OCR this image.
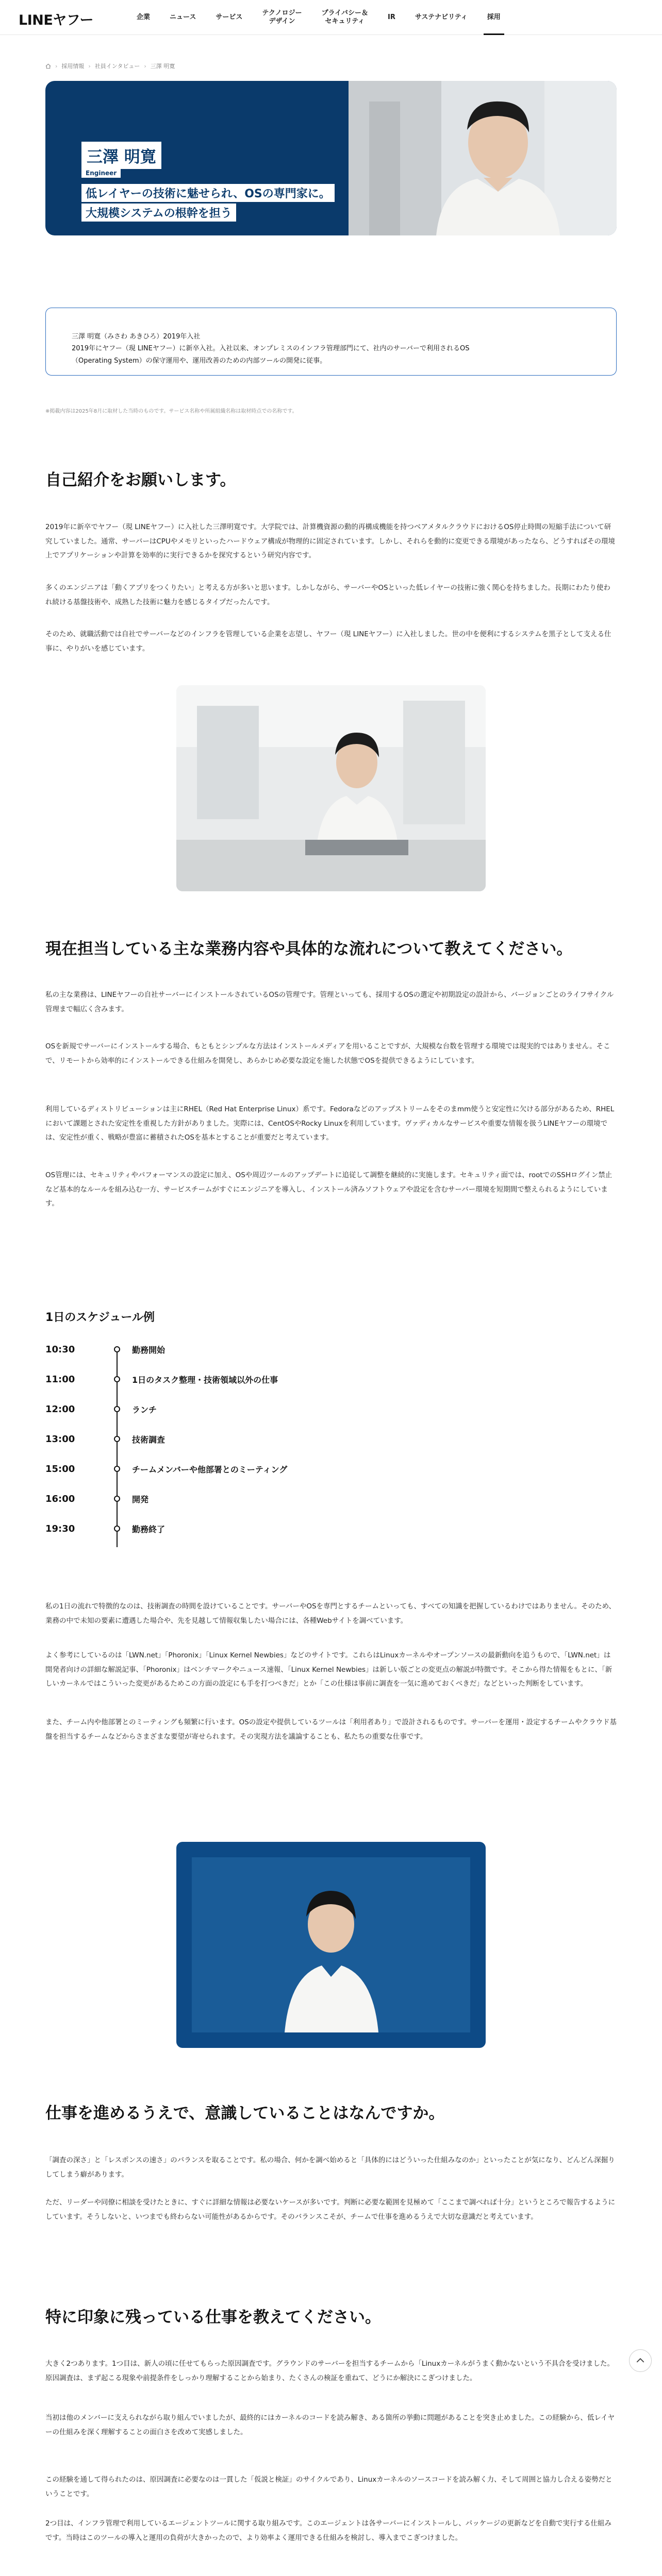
LINEヤフー	企業	ニュース	サービス
テクノロジー
デザイン
プライバシー＆
セキュリティ
IR	サステナビリティ	採用
› 採用情報 › 社員インタビュー › 三澤 明寛
三澤 明寛
Engineer
低レイヤーの技術に魅せられ、OSの専門家に。
大規模システムの根幹を担う

三澤 明寛（みさわ あきひろ）2019年入社

2019年にヤフー（現 LINEヤフー）に新卒入社。入社以来、オンプレミスのインフラ管理部門にて、社内のサーバーで利用されるOS

（Operating System）の保守運用や、運用改善のための内部ツールの開発に従事。

※掲載内容は2025年8月に取材した当時のものです。サービス名称や所属組織名称は取材時点での名称です。
自己紹介をお願いします。

2019年に新卒でヤフー（現 LINEヤフー）に入社した三澤明寛です。大学院では、計算機資源の動的再構成機能を持つベアメタルクラウドにおけるOS停止時間の短縮手法について研究していました。通常、サーバーはCPUやメモリといったハードウェア構成が物理的に固定されています。しかし、それらを動的に変更できる環境があったなら、どうすればその環境上でアプリケーションや計算を効率的に実行できるかを探究するという研究内容です。

多くのエンジニアは「動くアプリをつくりたい」と考える方が多いと思います。しかしながら、サーバーやOSといった低レイヤーの技術に強く関心を持ちました。長期にわたり使われ続ける基盤技術や、成熟した技術に魅力を感じるタイプだったんです。

そのため、就職活動では自社でサーバーなどのインフラを管理している企業を志望し、ヤフー（現 LINEヤフー）に入社しました。世の中を便利にするシステムを黒子として支える仕事に、やりがいを感じています。

現在担当している主な業務内容や具体的な流れについて教えてください。

私の主な業務は、LINEヤフーの自社サーバーにインストールされているOSの管理です。管理といっても、採用するOSの選定や初期設定の設計から、バージョンごとのライフサイクル管理まで幅広く含みます。

OSを新規でサーバーにインストールする場合、もともとシンプルな方法はインストールメディアを用いることですが、大規模な台数を管理する環境では現実的ではありません。そこで、リモートから効率的にインストールできる仕組みを開発し、あらかじめ必要な設定を施した状態でOSを提供できるようにしています。

利用しているディストリビューションは主にRHEL（Red Hat Enterprise Linux）系です。Fedoraなどのアップストリームをそのまⅿⅿ使うと安定性に欠ける部分があるため、RHELにおいて課題とされた安定性を重視した方針がありました。実際には、CentOSやRocky Linuxを利用しています。ヴァディカルなサービスや重要な情報を扱うLINEヤフーの環境では、安定性が重く、戦略が豊富に蓄積されたOSを基本とすることが重要だと考えています。

OS管理には、セキュリティやパフォーマンスの設定に加え、OSや周辺ツールのアップデートに追従して調整を継続的に実施します。セキュリティ面では、rootでのSSHログイン禁止など基本的なルールを組み込む一方、サービスチームがすぐにエンジニアを導入し、インストール済みソフトウェアや設定を含むサーバー環境を短期間で整えられるようにしています。

1日のスケジュール例
10:30	勤務開始
11:00	1日のタスク整理・技術領域以外の仕事
12:00	ランチ
13:00	技術調査
15:00	チームメンバーや他部署とのミーティング
16:00	開発
19:30	勤務終了

私の1日の流れで特徴的なのは、技術調査の時間を設けていることです。サーバーやOSを専門とするチームといっても、すべての知識を把握しているわけではありません。そのため、業務の中で未知の要素に遭遇した場合や、先を見越して情報収集したい場合には、各種Webサイトを調べています。

よく参考にしているのは「LWN.net」「Phoronix」「Linux Kernel Newbies」などのサイトです。これらはLinuxカーネルやオープンソースの最新動向を追うもので、「LWN.net」は開発者向けの詳細な解説記事、「Phoronix」はベンチマークやニュース速報、「Linux Kernel Newbies」は新しい版ごとの変更点の解説が特徴です。そこから得た情報をもとに、「新しいカーネルではこういった変更があるためこの方面の設定にも手を打つべきだ」とか「この仕様は事前に調査を一気に進めておくべきだ」などといった判断をしています。

また、チーム内や他部署とのミーティングも頻繁に行います。OSの設定や提供しているツールは「利用者あり」で設計されるものです。サーバーを運用・設定するチームやクラウド基盤を担当するチームなどからさまざまな要望が寄せられます。その実現方法を議論することも、私たちの重要な仕事です。

仕事を進めるうえで、意識していることはなんですか。

「調査の深さ」と「レスポンスの速さ」のバランスを取ることです。私の場合、何かを調べ始めると「具体的にはどういった仕組みなのか」といったことが気になり、どんどん深掘りしてしまう癖があります。

ただ、リーダーや同僚に相談を受けたときに、すぐに詳細な情報は必要ないケースが多いです。判断に必要な範囲を見極めて「ここまで調べれば十分」というところで報告するようにしています。そうしないと、いつまでも終わらない可能性があるからです。そのバランスこそが、チームで仕事を進めるうえで大切な意識だと考えています。

特に印象に残っている仕事を教えてください。

大きく2つあります。1つ目は、新人の頃に任せてもらった原因調査です。グラウンドのサーバーを担当するチームから「Linuxカーネルがうまく動かないという不具合を受けました。原因調査は、まず起こる現象や前提条件をしっかり理解することから始まり、たくさんの検証を重ねて、どうにか解決にこぎつけました。

当初は他のメンバーに支えられながら取り組んでいましたが、最終的にはカーネルのコードを読み解き、ある箇所の挙動に問題があることを突き止めました。この経験から、低レイヤーの仕組みを深く理解することの面白さを改めて実感しました。

この経験を通して得られたのは、原因調査に必要なのは一貫した「仮説と検証」のサイクルであり、Linuxカーネルのソースコードを読み解く力、そして周囲と協力し合える姿勢だということです。

2つ目は、インフラ管理で利用しているエージェントツールに関する取り組みです。このエージェントは各サーバーにインストールし、パッケージの更新などを自動で実行する仕組みです。当時はこのツールの導入と運用の負荷が大きかったので、より効率よく運用できる仕組みを検討し、導入までこぎつけました。
